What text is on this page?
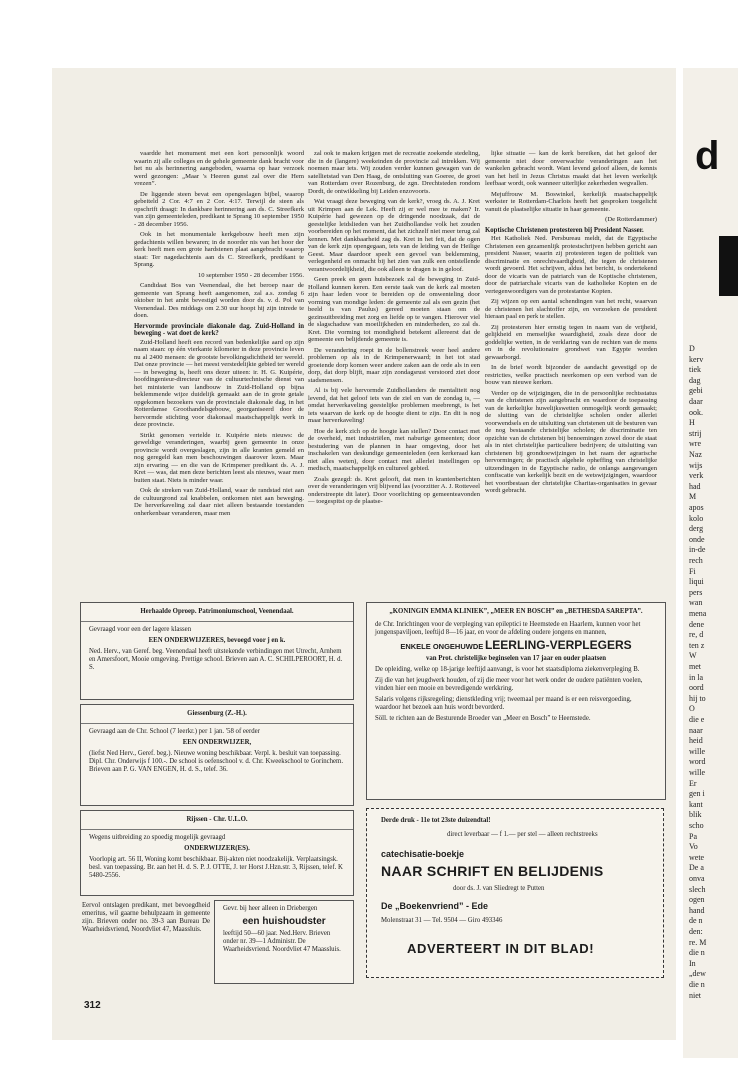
vaardde het monument met een kort persoonlijk woord waarin zij alle colleges en de gehele gemeente dank bracht voor het nu als herinnering aangeboden, waarna op haar verzoek werd gezongen: „Maar 's Heeren gunst zal over die Hem vrezen”.

De liggende steen bevat een opengeslagen bijbel, waarop gebeiteld 2 Cor. 4:7 en 2 Cor. 4:17. Terwijl de steen als opschrift draagt: In dankbare herinnering aan ds. C. Streefkerk van zijn gemeenteleden, predikant te Sprang 10 september 1950 - 28 december 1956.

Ook in het monumentale kerkgebouw heeft men zijn gedachtenis willen bewaren; in de noorder nis van het hoor der kerk heeft men een grote hardstenen plaat aangebracht waarop staat: Ter nagedachtenis aan ds C. Streefkerk, predikant te Sprang.

10 september 1950 - 28 december 1956.

Candidaat Bos van Veenendaal, die het beroep naar de gemeente van Sprang heeft aangenomen, zal a.s. zondag 6 oktober in het ambt bevestigd worden door ds. v. d. Pol van Veenendaal. Des middags om 2.30 uur hoopt hij zijn intrede te doen.

Hervormde provinciale diakonale dag. Zuid-Holland in beweging - wat doet de kerk?

Zuid-Holland heeft een record van bedenkelijke aard op zijn naam staan: op één vierkante kilometer in deze provincie leven nu al 2400 mensen: de grootste bevolkingsdichtheid ter wereld. Dat onze provincie — het meest verstedelijkte gebied ter wereld — in beweging is, heeft ons dezer uiteen: ir. H. G. Kuipérie, hoofdingenieur-directeur van de cultuurtechnische dienst van het ministerie van landbouw in Zuid-Holland op bijna beklemmende wijze duidelijk gemaakt aan de in grote getale opgekomen bezoekers van de provinciale diakonale dag, in het Rotterdamse Groothandelsgebouw, georganiseerd door de hervormde stichting voor diakonaal maatschappelijk werk in deze provincie.

Strikt genomen vertelde ir. Kuipérie niets nieuws: de geweldige veranderingen, waarbij geen gemeente in onze provincie wordt overgeslagen, zijn in alle kranten gemeld en nog geregeld kan men beschouwingen daarover lezen. Maar zijn ervaring — en die van de Krimpener predikant ds. A. J. Kret — was, dat men deze berichten leest als nieuws, waar men buiten staat. Niets is minder waar.

Ook de streken van Zuid-Holland, waar de randstad niet aan de cultuurgrond zal knabbelen, ontkomen niet aan beweging. De herverkaveling zal daar niet alleen bestaande toestanden onherkenbaar veranderen, maar men

zal ook te maken krijgen met de recreatie zoekende stedeling, die in de (langere) weekeinden de provincie zal intrekken. Wij noemen maar iets. Wij zouden verder kunnen gewagen van de satellietstad van Den Haag, de ontsluiting van Goeree, de groei van Rotterdam over Rozenburg, de zgn. Drechtsteden rondom Dordt, de ontwikkeling bij Leiden enzovoorts.

Wat vraagt deze beweging van de kerk?, vroeg ds. A. J. Kret uit Krimpen aan de Lek. Heeft zij er wel mee te maken? Ir. Kuipérie had gewezen op de dringende noodzaak, dat de geestelijke leidslieden van het Zuidhollandse volk het zouden voorbereiden op het moment, dat het zichzelf niet meer terug zal kennen. Met dankbaarheid zag ds. Kret in het feit, dat de ogen van de kerk zijn opengegaan, iets van de leiding van de Heilige Geest. Maar daardoor speelt een gevoel van beklemming, verlegenheid en onmacht bij het zien van zulk een ontstellende verantwoordelijkheid, die ook alleen te dragen is in geloof.

Geen preek en geen huisbezoek zal de beweging in Zuid-Holland kunnen keren. Een eerste taak van de kerk zal moeten zijn haar leden voor te bereiden op de omwenteling door vorming van mondige leden: de gemeente zal als een gezin (het beeld is van Paulus) gereed moeten staan om de gezinsuitbreiding met zorg en liefde op te vangen. Hierover viel de slagschaduw van moeilijkheden en minderheden, zo zal ds. Kret. Die vorming tot mondigheid betekent allereerst dat de gemeente een belijdende gemeente is.

De verandering roept in de bollenstreek weer heel andere problemen op als in de Krimpenerwaard; in het tot stad groeiende dorp komen weer andere zaken aan de orde als in een dorp, dat dorp blijft, maar zijn zondagsrust verstoord ziet door stadsmensen.

Al is bij vele hervormde Zuidhollanders de mentaliteit nog levend, dat het geloof iets van de ziel en van de zondag is, —omdat herverkaveling geestelijke problemen meebrengt, is het iets waarvan de kerk op de hoogte dient te zijn. En dit is nog maar herverkaveling!

Hoe de kerk zich op de hoogte kan stellen? Door contact met de overheid, met industriëlen, met naburige gemeenten; door bestudering van de plannen in haar omgeving, door het inschakelen van deskundige gemeenteleden (een kerkeraad kan niet alles weten), door contact met allerlei instellingen op medisch, maatschappelijk en cultureel gebied.

Zoals gezegd: ds. Kret gelooft, dat men in krantenberichten over de veranderingen vrij blijvend las (voorzitter A. J. Rotteveel onderstreepte dit later). Door voorlichting op gemeenteavonden — toegespitst op de plaatse-

lijke situatie — kan de kerk bereiken, dat het geloof der gemeente niet door onverwachte veranderingen aan het wankelen gebracht wordt. Want levend geloof alleen, de kennis van het heil in Jezus Christus maakt dat het leven werkelijk leefbaar wordt, ook wanneer uiterlijke zekerheden wegvallen.

Mejuffrouw M. Boswinkel, kerkelijk maatschappelijk werkster te Rotterdam-Charlois heeft het gesproken toegelicht vanuit de plaatselijke situatie in haar gemeente.

(De Rotterdammer)

Koptische Christenen protesteren bij President Nasser.

Het Katholiek Ned. Persbureau meldt, dat de Egyptische Christenen een gezamenlijk protestschrijven hebben gericht aan president Nasser, waarin zij protesteren tegen de politiek van discriminatie en onrechtvaardigheid, die tegen de christenen wordt gevoerd. Het schrijven, aldus het bericht, is ondertekend door de vicaris van de patriarch van de Koptische christenen, door de patriarchale vicaris van de katholieke Kopten en de vertegenwoordigers van de protestantse Kopten.

Zij wijzen op een aantal schendingen van het recht, waarvan de christenen het slachtoffer zijn, en verzoeken de president hieraan paal en perk te stellen.

Zij protesteren hier ernstig tegen in naam van de vrijheid, gelijkheid en menselijke waardigheid, zoals deze door de goddelijke wetten, in de verklaring van de rechten van de mens en in de revolutionaire grondwet van Egypte worden gewaarborgd.

In de brief wordt bijzonder de aandacht gevestigd op de restricties, welke practisch neerkomen op een verbod van de bouw van nieuwe kerken.

Verder op de wijzigingen, die in de persoonlijke rechtsstatus van de christenen zijn aangebracht en waardoor de toepassing van de kerkelijke huwelijkswetten onmogelijk wordt gemaakt; de sluiting van de christelijke scholen onder allerlei voorwendsels en de uitsluiting van christenen uit de besturen van de nog bestaande christelijke scholen; de discriminatie ten opzichte van de christenen bij benoemingen zowel door de staat als in niet christelijke particuliere bedrijven; de uitsluiting van christenen bij grondtoewijzingen in het raam der agrarische hervormingen; de practisch algehele opheffing van christelijke uitzendingen in de Egyptische radio, de onlangs aangevangen confiscatie van kerkelijk bezit en de wetswijzigingen, waardoor het voortbestaan der christelijke Charitas-organisaties in gevaar wordt gebracht.

Herhaalde Oproep. Patrimoniumschool, Veenendaal.

Gevraagd voor een der lagere klassen

EEN ONDERWIJZERES, bevoegd voor j en k.

Ned. Herv., van Geref. beg. Veenendaal heeft uitstekende verbindingen met Utrecht, Arnhem en Amersfoort, Mooie omgeving. Prettige school. Brieven aan A. C. SCHILPEROORT, H. d. S.

Giessenburg (Z.-H.).

Gevraagd aan de Chr. School (7 leerkr.) per 1 jan. '58 of eerder

EEN ONDERWIJZER,

(liefst Ned Herv., Geref. beg.). Nieuwe woning beschikbaar. Verpl. k. besluit van toepassing. Dipl. Chr. Onderwijs f 100.-. De school is oefenschool v. d. Chr. Kweekschool te Gorinchem. Brieven aan P. G. VAN ENGEN, H. d. S., telef. 36.

Rijssen - Chr. U.L.O.

Wegens uitbreiding zo spoedig mogelijk gevraagd

ONDERWIJZER(ES).

Voorlopig art. 56 II, Woning komt beschikbaar. Bij-akten niet noodzakelijk. Verplaatsingsk. besl. van toepassing. Br. aan het H. d. S. P. J. OTTE, J. ter Horst J.Hzn.str. 3, Rijssen, telef. K 5480-2556.

Eervol ontslagen predikant, met bevoegdheid emeritus, wil gaarne behulpzaam in gemeente zijn. Brieven onder no. 39-3 aan Bureau De Waarheidsvriend, Noordvliet 47, Maassluis.

Gevr. bij heer alleen in Driebergen

een huishoudster

leeftijd 50—60 jaar. Ned.Herv. Brieven onder nr. 39—1 Administr. De Waarheidsvriend. Noordvliet 47 Maassluis.

„KONINGIN EMMA KLINIEK”, „MEER EN BOSCH” en „BETHESDA SAREPTA”.

de Chr. Inrichtingen voor de verpleging van epileptici te Heemstede en Haarlem, kunnen voor het jongenspaviljoen, leeftijd 8—16 jaar, en voor de afdeling oudere jongens en mannen,

ENKELE ONGEHUWDE LEERLING-VERPLEGERS

van Prot. christelijke beginselen van 17 jaar en ouder plaatsen

De opleiding, welke op 18-jarige leeftijd aanvangt, is voor het staatsdiploma ziekenverpleging B.

Zij die van het jeugdwerk houden, of zij die meer voor het werk onder de oudere patiënten voelen, vinden hier een mooie en bevredigende werkkring.

Salaris volgens rijksregeling; dienstkleding vrij; tweemaal per maand is er een reisvergoeding, waardoor het bezoek aan huis wordt bevorderd.

Söll. te richten aan de Besturende Broeder van „Meer en Bosch” te Heemstede.

Derde druk - 11e tot 23ste duizendtal!
direct leverbaar — f 1.— per stel — alleen rechtstreeks
catechisatie-boekje
NAAR SCHRIFT EN BELIJDENIS
door ds. J. van Sliedregt te Putten
De „Boekenvriend” - Ede
Molenstraat 31 — Tel. 9504 — Giro 493346
ADVERTEERT IN DIT BLAD!
312
d
D
kerv
tiek
dag
gebi
daar
ook.
H
strij
wre
Naz
wijs
verk
had
M
apos
kolo
derg
onde
in-de
rech
Fi
liqui
pers
wan
mena
dene
re, d
ten z
W
met
in la
oord
hij to
O
die e
naar
heid
wille
word
wille
Er
gen i
kant
blik
scho
Pa
Vo
wete
De a
onva
slech
ogen
hand
de n
den:
re. M
die n
In
„dew
die n
niet
